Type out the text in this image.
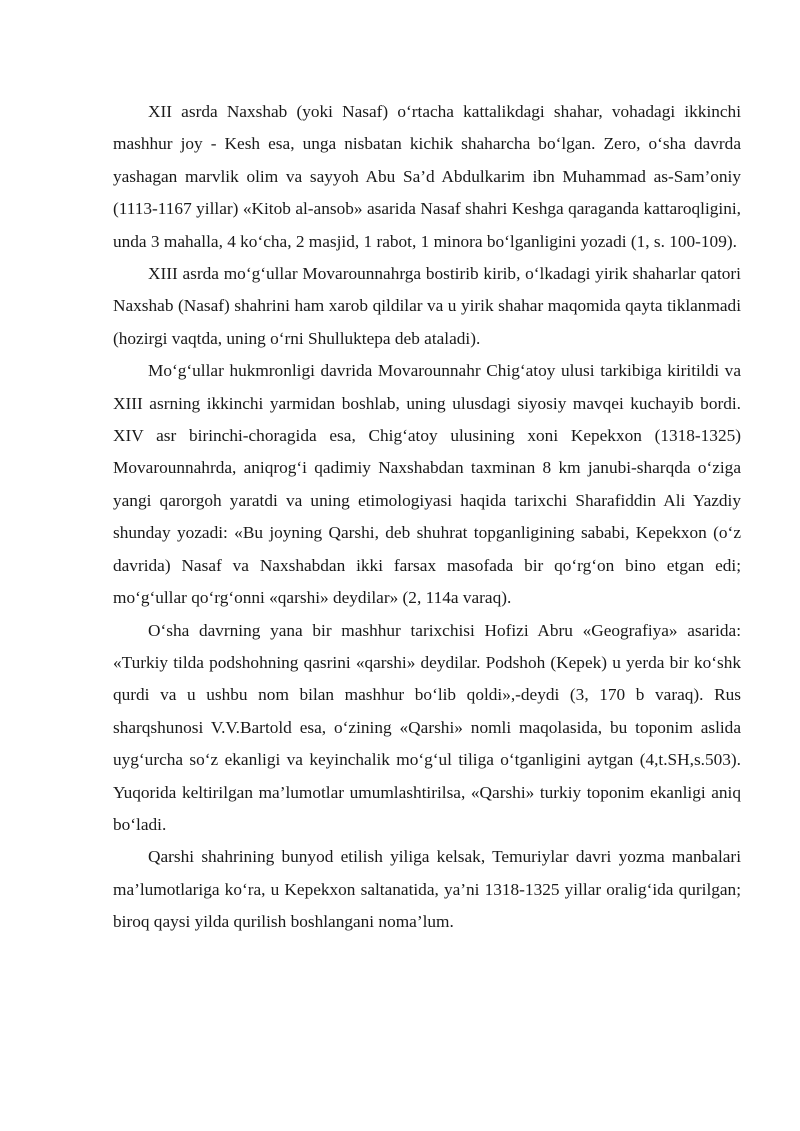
XII asrda Naxshab (yoki Nasaf) o‘rtacha kattalikdagi shahar, vohadagi ikkinchi mashhur joy - Kesh esa, unga nisbatan kichik shaharcha bo‘lgan. Zero, o‘sha davrda yashagan marvlik olim va sayyoh Abu Sa’d Abdulkarim ibn Muhammad as-Sam’oniy (1113-1167 yillar) «Kitob al-ansob» asarida Nasaf shahri Keshga qaraganda kattaroqligini, unda 3 mahalla, 4 ko‘cha, 2 masjid, 1 rabot, 1 minora bo‘lganligini yozadi (1, s. 100-109).

XIII asrda mo‘g‘ullar Movarounnahrga bostirib kirib, o‘lkadagi yirik shaharlar qatori Naxshab (Nasaf) shahrini ham xarob qildilar va u yirik shahar maqomida qayta tiklanmadi (hozirgi vaqtda, uning o‘rni Shulluktepa deb ataladi).

Mo‘g‘ullar hukmronligi davrida Movarounnahr Chig‘atoy ulusi tarkibiga kiritildi va XIII asrning ikkinchi yarmidan boshlab, uning ulusdagi siyosiy mavqei kuchayib bordi. XIV asr birinchi-choragida esa, Chig‘atoy ulusining xoni Kepekxon (1318-1325) Movarounnahrda, aniqrog‘i qadimiy Naxshabdan taxminan 8 km janubi-sharqda o‘ziga yangi qarorgoh yaratdi va uning etimologiyasi haqida tarixchi Sharafiddin Ali Yazdiy shunday yozadi: «Bu joyning Qarshi, deb shuhrat topganligining sababi, Kepekxon (o‘z davrida) Nasaf va Naxshabdan ikki farsax masofada bir qo‘rg‘on bino etgan edi; mo‘g‘ullar qo‘rg‘onni «qarshi» deydilar» (2, 114a varaq).

O‘sha davrning yana bir mashhur tarixchisi Hofizi Abru «Geografiya» asarida: «Turkiy tilda podshohning qasrini «qarshi» deydilar. Podshoh (Kepek) u yerda bir ko‘shk qurdi va u ushbu nom bilan mashhur bo‘lib qoldi»,-deydi (3, 170 b varaq). Rus sharqshunosi V.V.Bartold esa, o‘zining «Qarshi» nomli maqolasida, bu toponim aslida uyg‘urcha so‘z ekanligi va keyinchalik mo‘g‘ul tiliga o‘tganligini aytgan (4,t.SH,s.503). Yuqorida keltirilgan ma’lumotlar umumlashtirilsa, «Qarshi» turkiy toponim ekanligi aniq bo‘ladi.

Qarshi shahrining bunyod etilish yiliga kelsak, Temuriylar davri yozma manbalari ma’lumotlariga ko‘ra, u Kepekxon saltanatida, ya’ni 1318-1325 yillar oralig‘ida qurilgan; biroq qaysi yilda qurilish boshlangani noma’lum.
